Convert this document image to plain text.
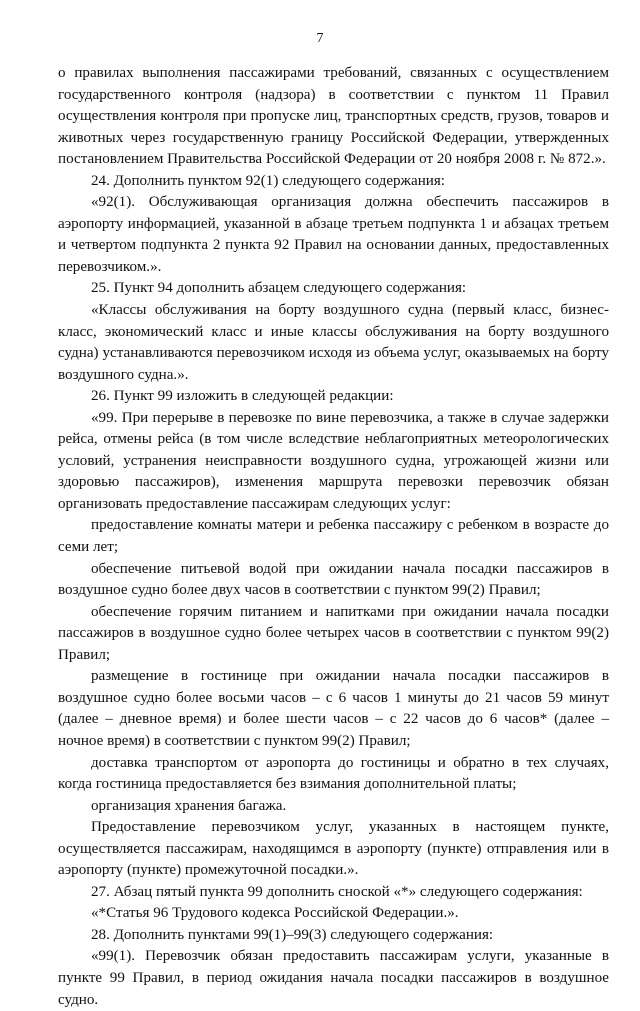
7

о правилах выполнения пассажирами требований, связанных с осуществлением государственного контроля (надзора) в соответствии с пунктом 11 Правил осуществления контроля при пропуске лиц, транспортных средств, грузов, товаров и животных через государственную границу Российской Федерации, утвержденных постановлением Правительства Российской Федерации от 20 ноября 2008 г. № 872.».

24. Дополнить пунктом 92(1) следующего содержания:

«92(1). Обслуживающая организация должна обеспечить пассажиров в аэропорту информацией, указанной в абзаце третьем подпункта 1 и абзацах третьем и четвертом подпункта 2 пункта 92 Правил на основании данных, предоставленных перевозчиком.».

25. Пункт 94 дополнить абзацем следующего содержания:

«Классы обслуживания на борту воздушного судна (первый класс, бизнес-класс, экономический класс и иные классы обслуживания на борту воздушного судна) устанавливаются перевозчиком исходя из объема услуг, оказываемых на борту воздушного судна.».

26. Пункт 99 изложить в следующей редакции:

«99. При перерыве в перевозке по вине перевозчика, а также в случае задержки рейса, отмены рейса (в том числе вследствие неблагоприятных метеорологических условий, устранения неисправности воздушного судна, угрожающей жизни или здоровью пассажиров), изменения маршрута перевозки перевозчик обязан организовать предоставление пассажирам следующих услуг:

предоставление комнаты матери и ребенка пассажиру с ребенком в возрасте до семи лет;

обеспечение питьевой водой при ожидании начала посадки пассажиров в воздушное судно более двух часов в соответствии с пунктом 99(2) Правил;

обеспечение горячим питанием и напитками при ожидании начала посадки пассажиров в воздушное судно более четырех часов в соответствии с пунктом 99(2) Правил;

размещение в гостинице при ожидании начала посадки пассажиров в воздушное судно более восьми часов – с 6 часов 1 минуты до 21 часов 59 минут (далее – дневное время) и более шести часов – с 22 часов до 6 часов* (далее – ночное время) в соответствии с пунктом 99(2) Правил;

доставка транспортом от аэропорта до гостиницы и обратно в тех случаях, когда гостиница предоставляется без взимания дополнительной платы;

организация хранения багажа.

Предоставление перевозчиком услуг, указанных в настоящем пункте, осуществляется пассажирам, находящимся в аэропорту (пункте) отправления или в аэропорту (пункте) промежуточной посадки.».

27. Абзац пятый пункта 99 дополнить сноской «*» следующего содержания:

«*Статья 96 Трудового кодекса Российской Федерации.».

28. Дополнить пунктами 99(1)–99(3) следующего содержания:

«99(1). Перевозчик обязан предоставить пассажирам услуги, указанные в пункте 99 Правил, в период ожидания начала посадки пассажиров в воздушное судно.
